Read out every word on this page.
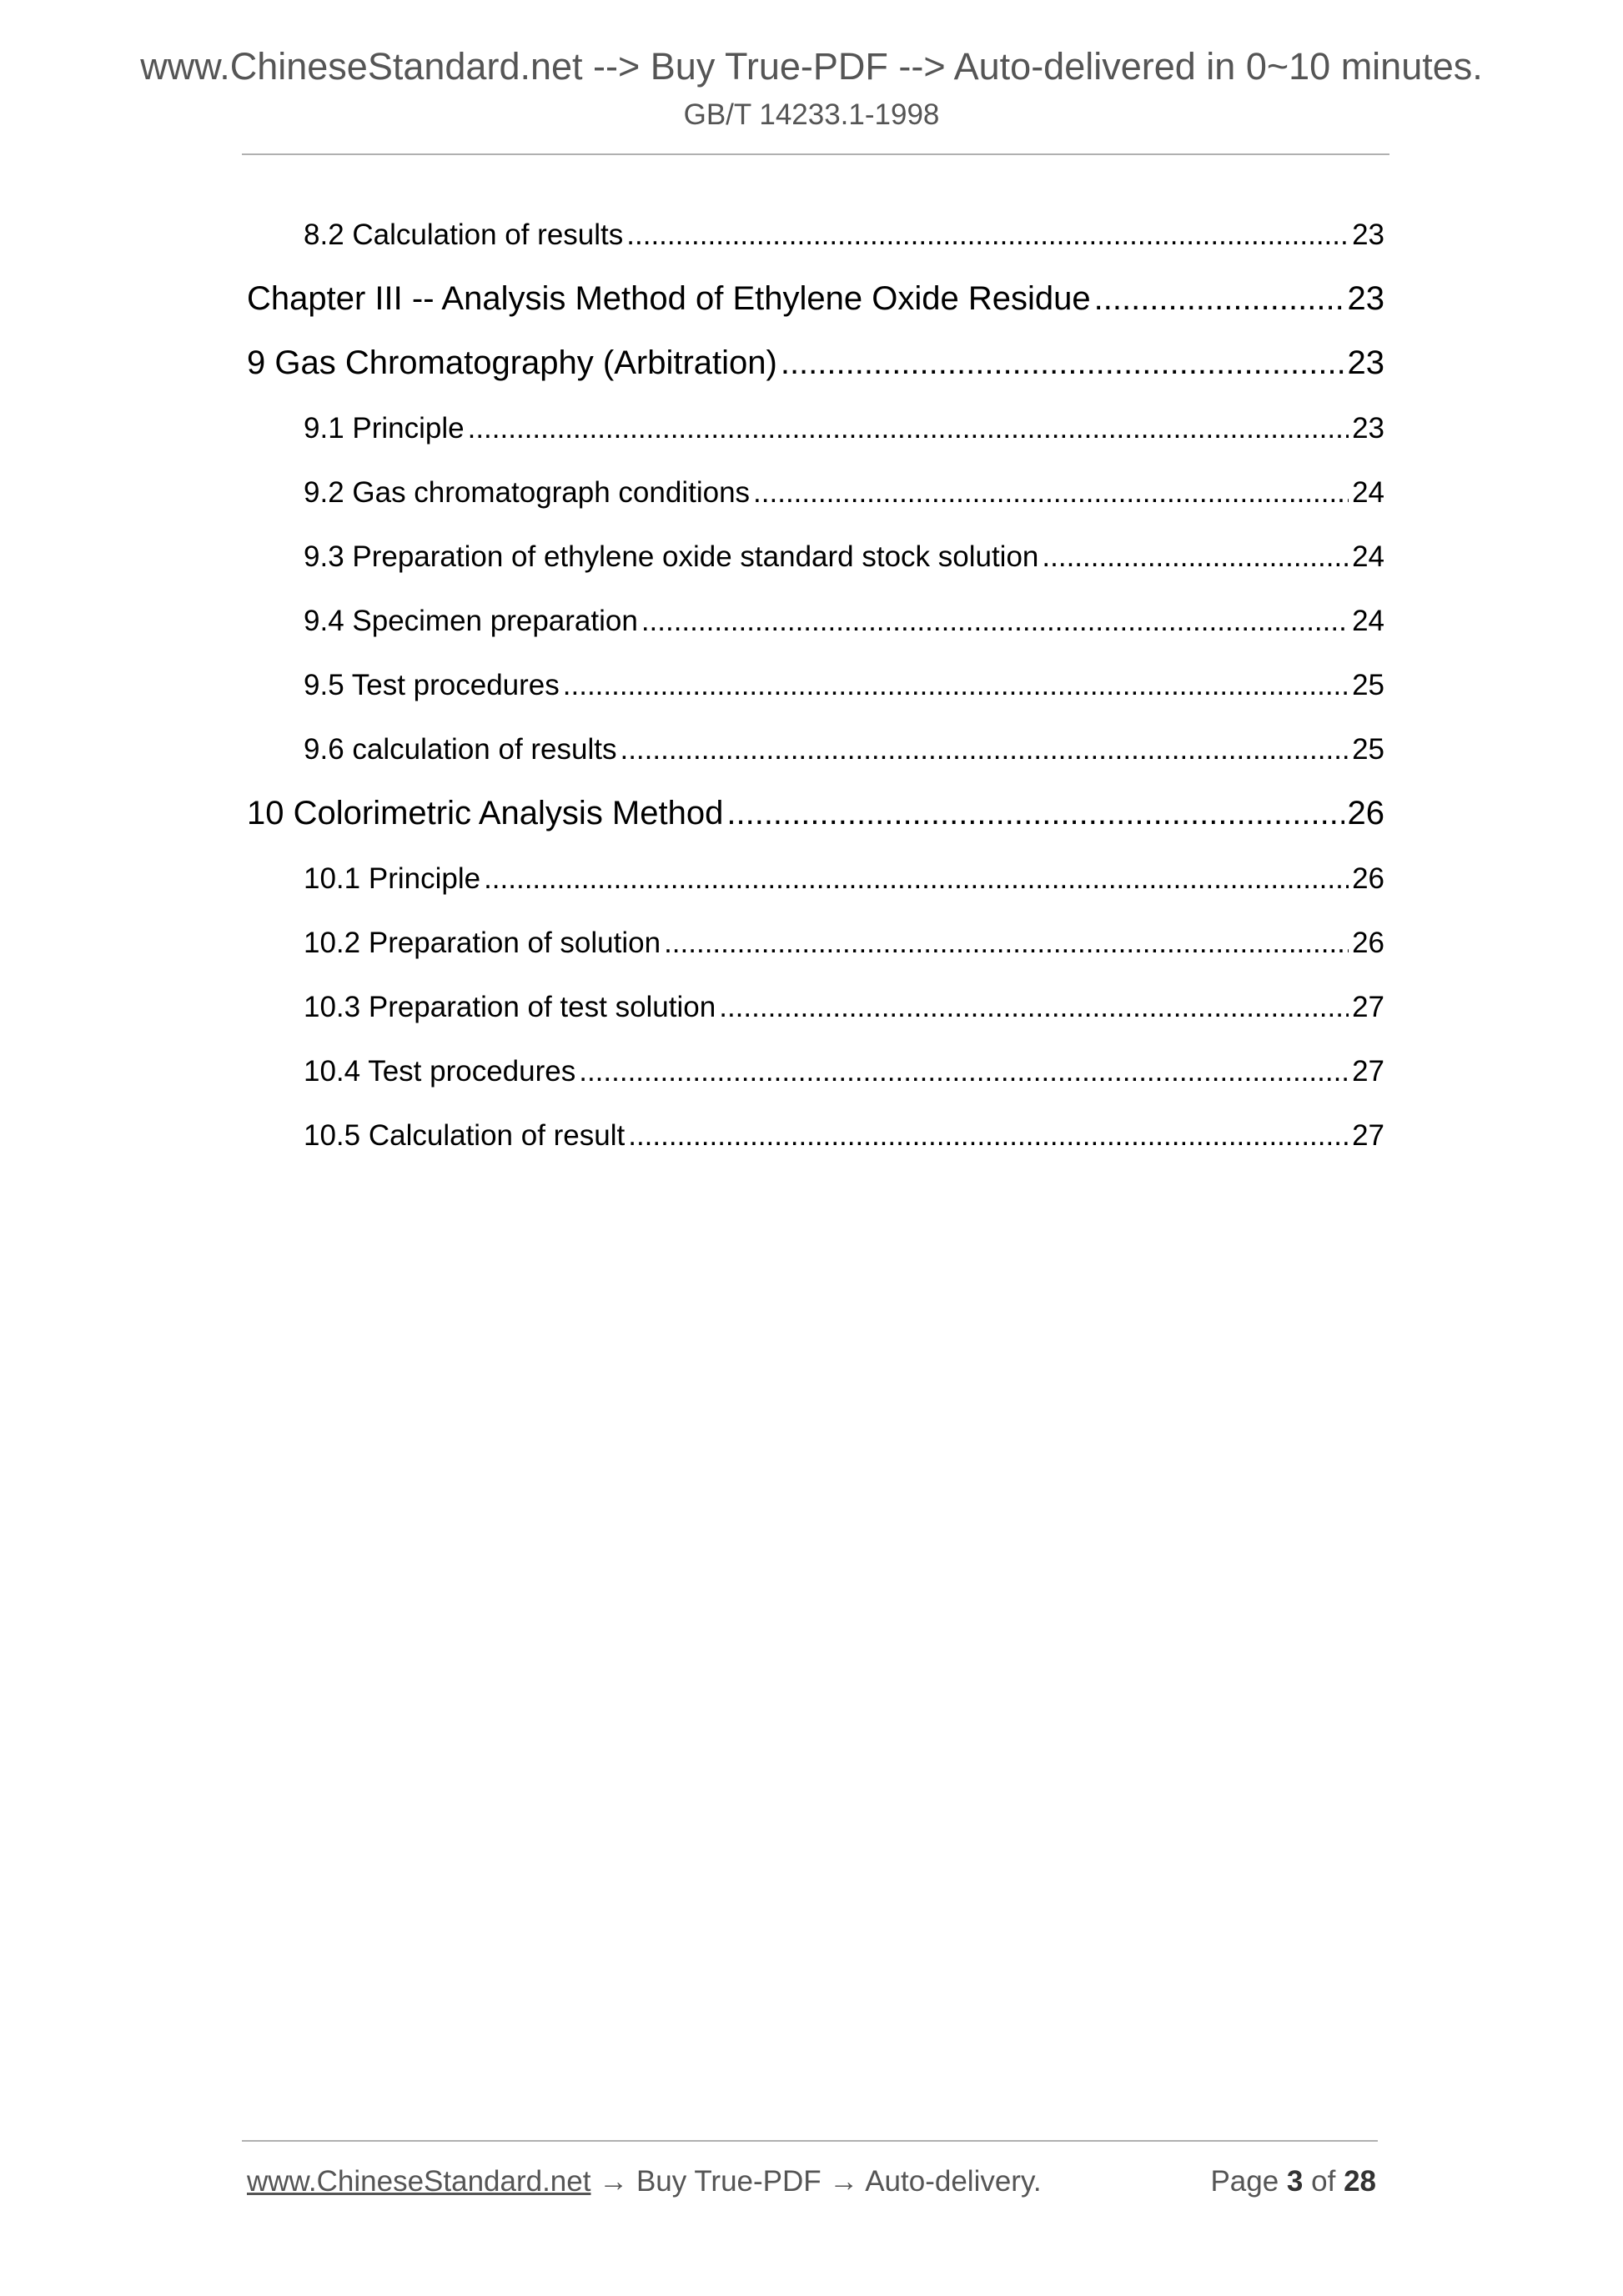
www.ChineseStandard.net --> Buy True-PDF --> Auto-delivered in 0~10 minutes.
GB/T 14233.1-1998
8.2 Calculation of results .....	23
Chapter III -- Analysis Method of Ethylene Oxide Residue .....	23
9 Gas Chromatography (Arbitration) .....	23
9.1 Principle .....	23
9.2 Gas chromatograph conditions .....	24
9.3 Preparation of ethylene oxide standard stock solution .....	24
9.4 Specimen preparation .....	24
9.5 Test procedures .....	25
9.6 calculation of results .....	25
10 Colorimetric Analysis Method .....	26
10.1 Principle .....	26
10.2 Preparation of solution .....	26
10.3 Preparation of test solution .....	27
10.4 Test procedures .....	27
10.5 Calculation of result .....	27
www.ChineseStandard.net → Buy True-PDF → Auto-delivery.	Page 3 of 28
